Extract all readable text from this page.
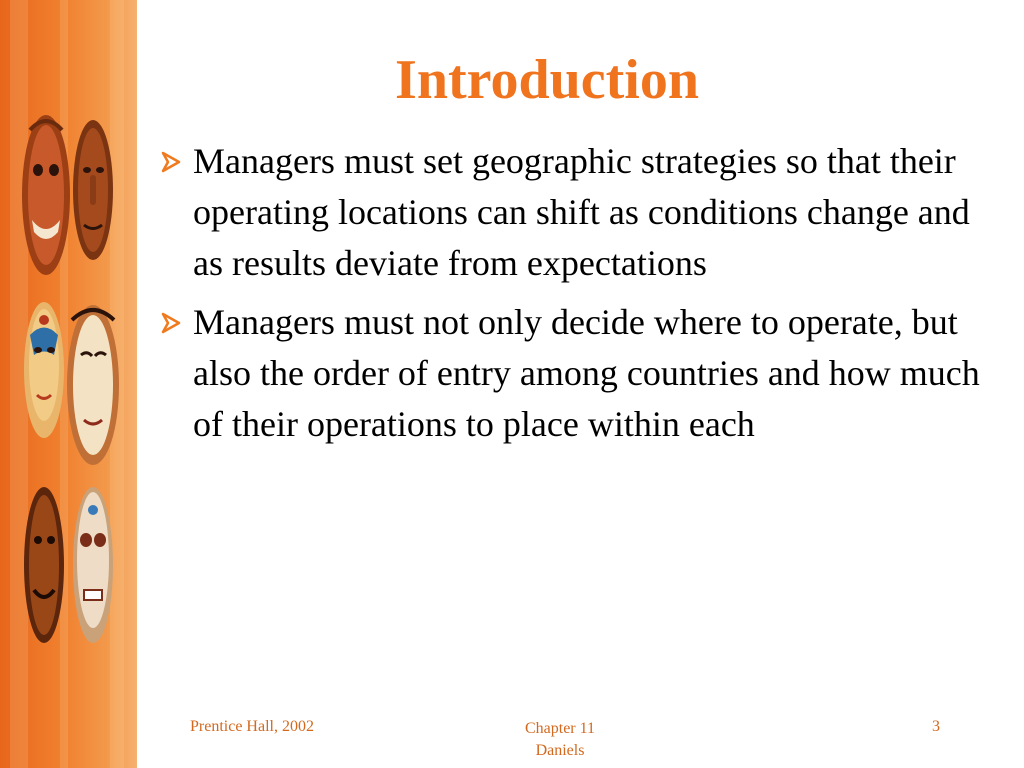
Introduction
Managers must set geographic strategies so that their operating locations can shift as conditions change and as results deviate from expectations
Managers must not only decide where to operate, but also the order of entry among countries and how much of their operations to place within each
Prentice Hall, 2002	Chapter 11
Daniels
3
